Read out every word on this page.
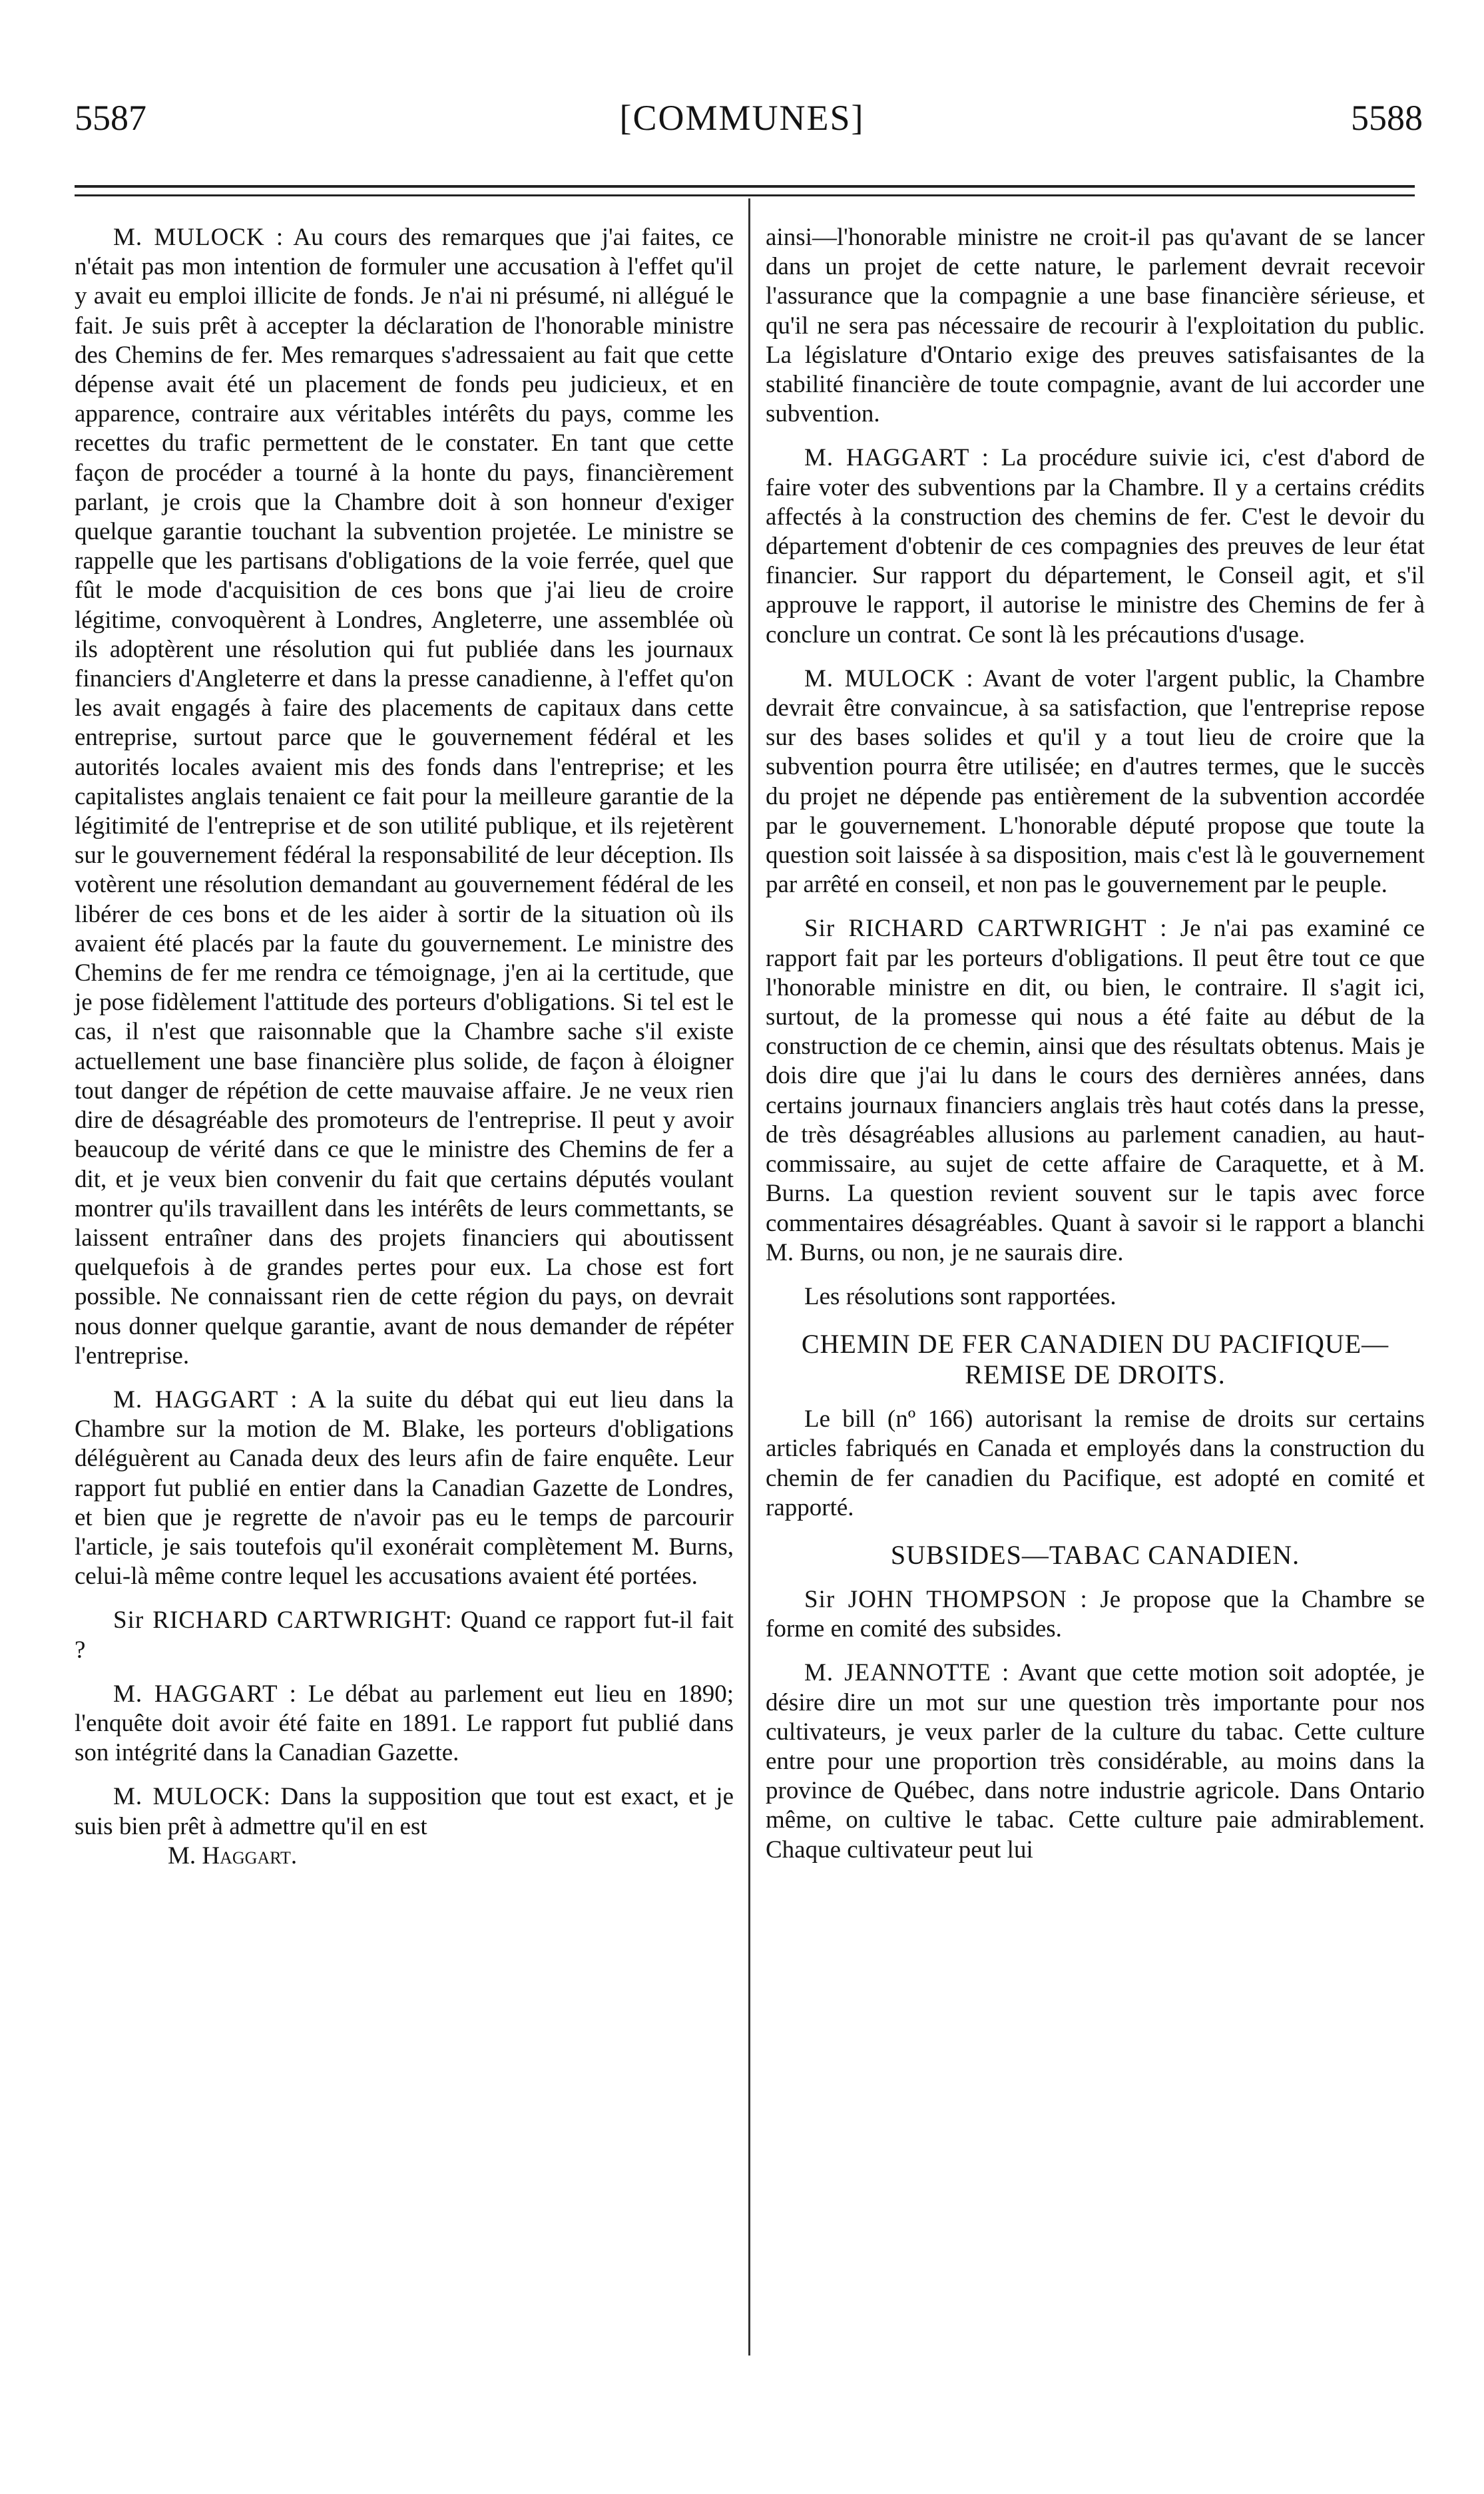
5587	[COMMUNES]	5588

M. MULOCK : Au cours des remarques que j'ai faites, ce n'était pas mon intention de formuler une accusation à l'effet qu'il y avait eu emploi illicite de fonds. Je n'ai ni présumé, ni allégué le fait. Je suis prêt à accepter la déclaration de l'honorable ministre des Chemins de fer. Mes remarques s'adressaient au fait que cette dépense avait été un placement de fonds peu judicieux, et en apparence, contraire aux véritables intérêts du pays, comme les recettes du trafic permettent de le constater. En tant que cette façon de procéder a tourné à la honte du pays, financièrement parlant, je crois que la Chambre doit à son honneur d'exiger quelque garantie touchant la subvention projetée. Le ministre se rappelle que les partisans d'obligations de la voie ferrée, quel que fût le mode d'acquisition de ces bons que j'ai lieu de croire légitime, convoquèrent à Londres, Angleterre, une assemblée où ils adoptèrent une résolution qui fut publiée dans les journaux financiers d'Angleterre et dans la presse canadienne, à l'effet qu'on les avait engagés à faire des placements de capitaux dans cette entreprise, surtout parce que le gouvernement fédéral et les autorités locales avaient mis des fonds dans l'entreprise; et les capitalistes anglais tenaient ce fait pour la meilleure garantie de la légitimité de l'entreprise et de son utilité publique, et ils rejetèrent sur le gouvernement fédéral la responsabilité de leur déception. Ils votèrent une résolution demandant au gouvernement fédéral de les libérer de ces bons et de les aider à sortir de la situation où ils avaient été placés par la faute du gouvernement. Le ministre des Chemins de fer me rendra ce témoignage, j'en ai la certitude, que je pose fidèlement l'attitude des porteurs d'obligations. Si tel est le cas, il n'est que raisonnable que la Chambre sache s'il existe actuellement une base financière plus solide, de façon à éloigner tout danger de répétion de cette mauvaise affaire. Je ne veux rien dire de désagréable des promoteurs de l'entreprise. Il peut y avoir beaucoup de vérité dans ce que le ministre des Chemins de fer a dit, et je veux bien convenir du fait que certains députés voulant montrer qu'ils travaillent dans les intérêts de leurs commettants, se laissent entraîner dans des projets financiers qui aboutissent quelquefois à de grandes pertes pour eux. La chose est fort possible. Ne connaissant rien de cette région du pays, on devrait nous donner quelque garantie, avant de nous demander de répéter l'entreprise.

M. HAGGART : A la suite du débat qui eut lieu dans la Chambre sur la motion de M. Blake, les porteurs d'obligations déléguèrent au Canada deux des leurs afin de faire enquête. Leur rapport fut publié en entier dans la Canadian Gazette de Londres, et bien que je regrette de n'avoir pas eu le temps de parcourir l'article, je sais toutefois qu'il exonérait complètement M. Burns, celui-là même contre lequel les accusations avaient été portées.

Sir RICHARD CARTWRIGHT: Quand ce rapport fut-il fait ?

M. HAGGART : Le débat au parlement eut lieu en 1890; l'enquête doit avoir été faite en 1891. Le rapport fut publié dans son intégrité dans la Canadian Gazette.

M. MULOCK: Dans la supposition que tout est exact, et je suis bien prêt à admettre qu'il en est

M. Haggart.

ainsi—l'honorable ministre ne croit-il pas qu'avant de se lancer dans un projet de cette nature, le parlement devrait recevoir l'assurance que la compagnie a une base financière sérieuse, et qu'il ne sera pas nécessaire de recourir à l'exploitation du public. La législature d'Ontario exige des preuves satisfaisantes de la stabilité financière de toute compagnie, avant de lui accorder une subvention.

M. HAGGART : La procédure suivie ici, c'est d'abord de faire voter des subventions par la Chambre. Il y a certains crédits affectés à la construction des chemins de fer. C'est le devoir du département d'obtenir de ces compagnies des preuves de leur état financier. Sur rapport du département, le Conseil agit, et s'il approuve le rapport, il autorise le ministre des Chemins de fer à conclure un contrat. Ce sont là les précautions d'usage.

M. MULOCK : Avant de voter l'argent public, la Chambre devrait être convaincue, à sa satisfaction, que l'entreprise repose sur des bases solides et qu'il y a tout lieu de croire que la subvention pourra être utilisée; en d'autres termes, que le succès du projet ne dépende pas entièrement de la subvention accordée par le gouvernement. L'honorable député propose que toute la question soit laissée à sa disposition, mais c'est là le gouvernement par arrêté en conseil, et non pas le gouvernement par le peuple.

Sir RICHARD CARTWRIGHT : Je n'ai pas examiné ce rapport fait par les porteurs d'obligations. Il peut être tout ce que l'honorable ministre en dit, ou bien, le contraire. Il s'agit ici, surtout, de la promesse qui nous a été faite au début de la construction de ce chemin, ainsi que des résultats obtenus. Mais je dois dire que j'ai lu dans le cours des dernières années, dans certains journaux financiers anglais très haut cotés dans la presse, de très désagréables allusions au parlement canadien, au haut-commissaire, au sujet de cette affaire de Caraquette, et à M. Burns. La question revient souvent sur le tapis avec force commentaires désagréables. Quant à savoir si le rapport a blanchi M. Burns, ou non, je ne saurais dire.

Les résolutions sont rapportées.

CHEMIN DE FER CANADIEN DU PACIFIQUE—REMISE DE DROITS.

Le bill (nº 166) autorisant la remise de droits sur certains articles fabriqués en Canada et employés dans la construction du chemin de fer canadien du Pacifique, est adopté en comité et rapporté.

SUBSIDES—TABAC CANADIEN.

Sir JOHN THOMPSON : Je propose que la Chambre se forme en comité des subsides.

M. JEANNOTTE : Avant que cette motion soit adoptée, je désire dire un mot sur une question très importante pour nos cultivateurs, je veux parler de la culture du tabac. Cette culture entre pour une proportion très considérable, au moins dans la province de Québec, dans notre industrie agricole. Dans Ontario même, on cultive le tabac. Cette culture paie admirablement. Chaque cultivateur peut lui
